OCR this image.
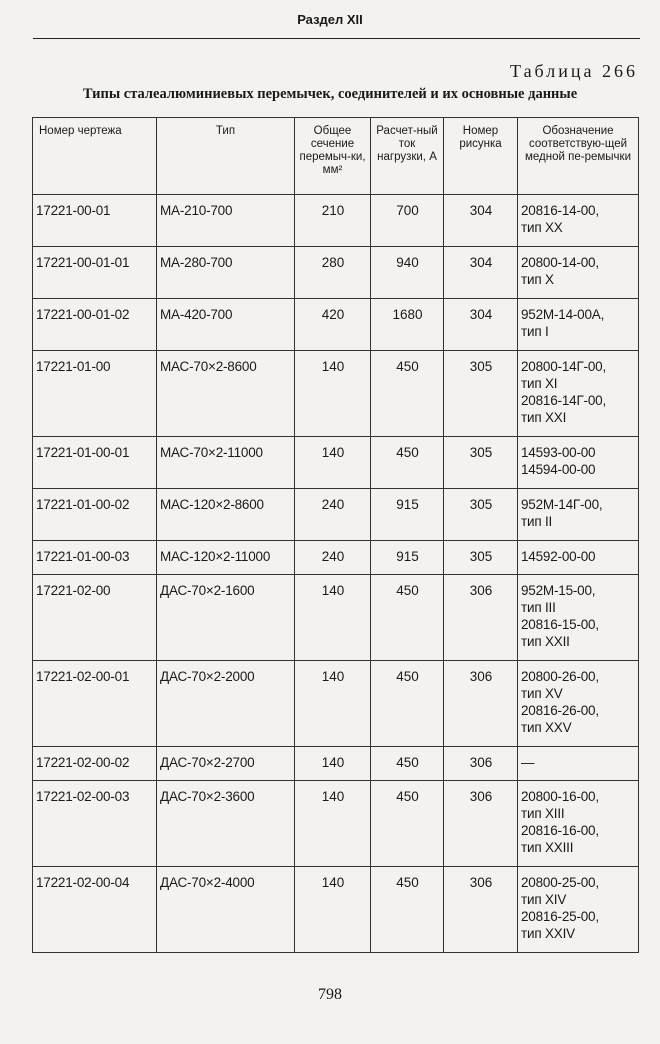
Раздел XII
Таблица 266
Типы сталеалюминиевых перемычек, соединителей и их основные данные
Номер чертежа	Тип	Общее сечение перемыч-ки, мм²	Расчет-ный ток нагрузки, А	Номер рисунка	Обозначение соответствую-щей медной пе-ремычки
17221-00-01	МА-210-700	210	700	304	20816-14-00,
тип XX
17221-00-01-01	МА-280-700	280	940	304	20800-14-00,
тип X
17221-00-01-02	МА-420-700	420	1680	304	952М-14-00А,
тип I
17221-01-00	МАС-70×2-8600	140	450	305	20800-14Г-00,
тип XI
20816-14Г-00,
тип XXI
17221-01-00-01	МАС-70×2-11000	140	450	305	14593-00-00
14594-00-00
17221-01-00-02	МАС-120×2-8600	240	915	305	952М-14Г-00,
тип II
17221-01-00-03	МАС-120×2-11000	240	915	305	14592-00-00
17221-02-00	ДАС-70×2-1600	140	450	306	952М-15-00,
тип III
20816-15-00,
тип XXII
17221-02-00-01	ДАС-70×2-2000	140	450	306	20800-26-00,
тип XV
20816-26-00,
тип XXV
17221-02-00-02	ДАС-70×2-2700	140	450	306	—
17221-02-00-03	ДАС-70×2-3600	140	450	306	20800-16-00,
тип XIII
20816-16-00,
тип XXIII
17221-02-00-04	ДАС-70×2-4000	140	450	306	20800-25-00,
тип XIV
20816-25-00,
тип XXIV
798
